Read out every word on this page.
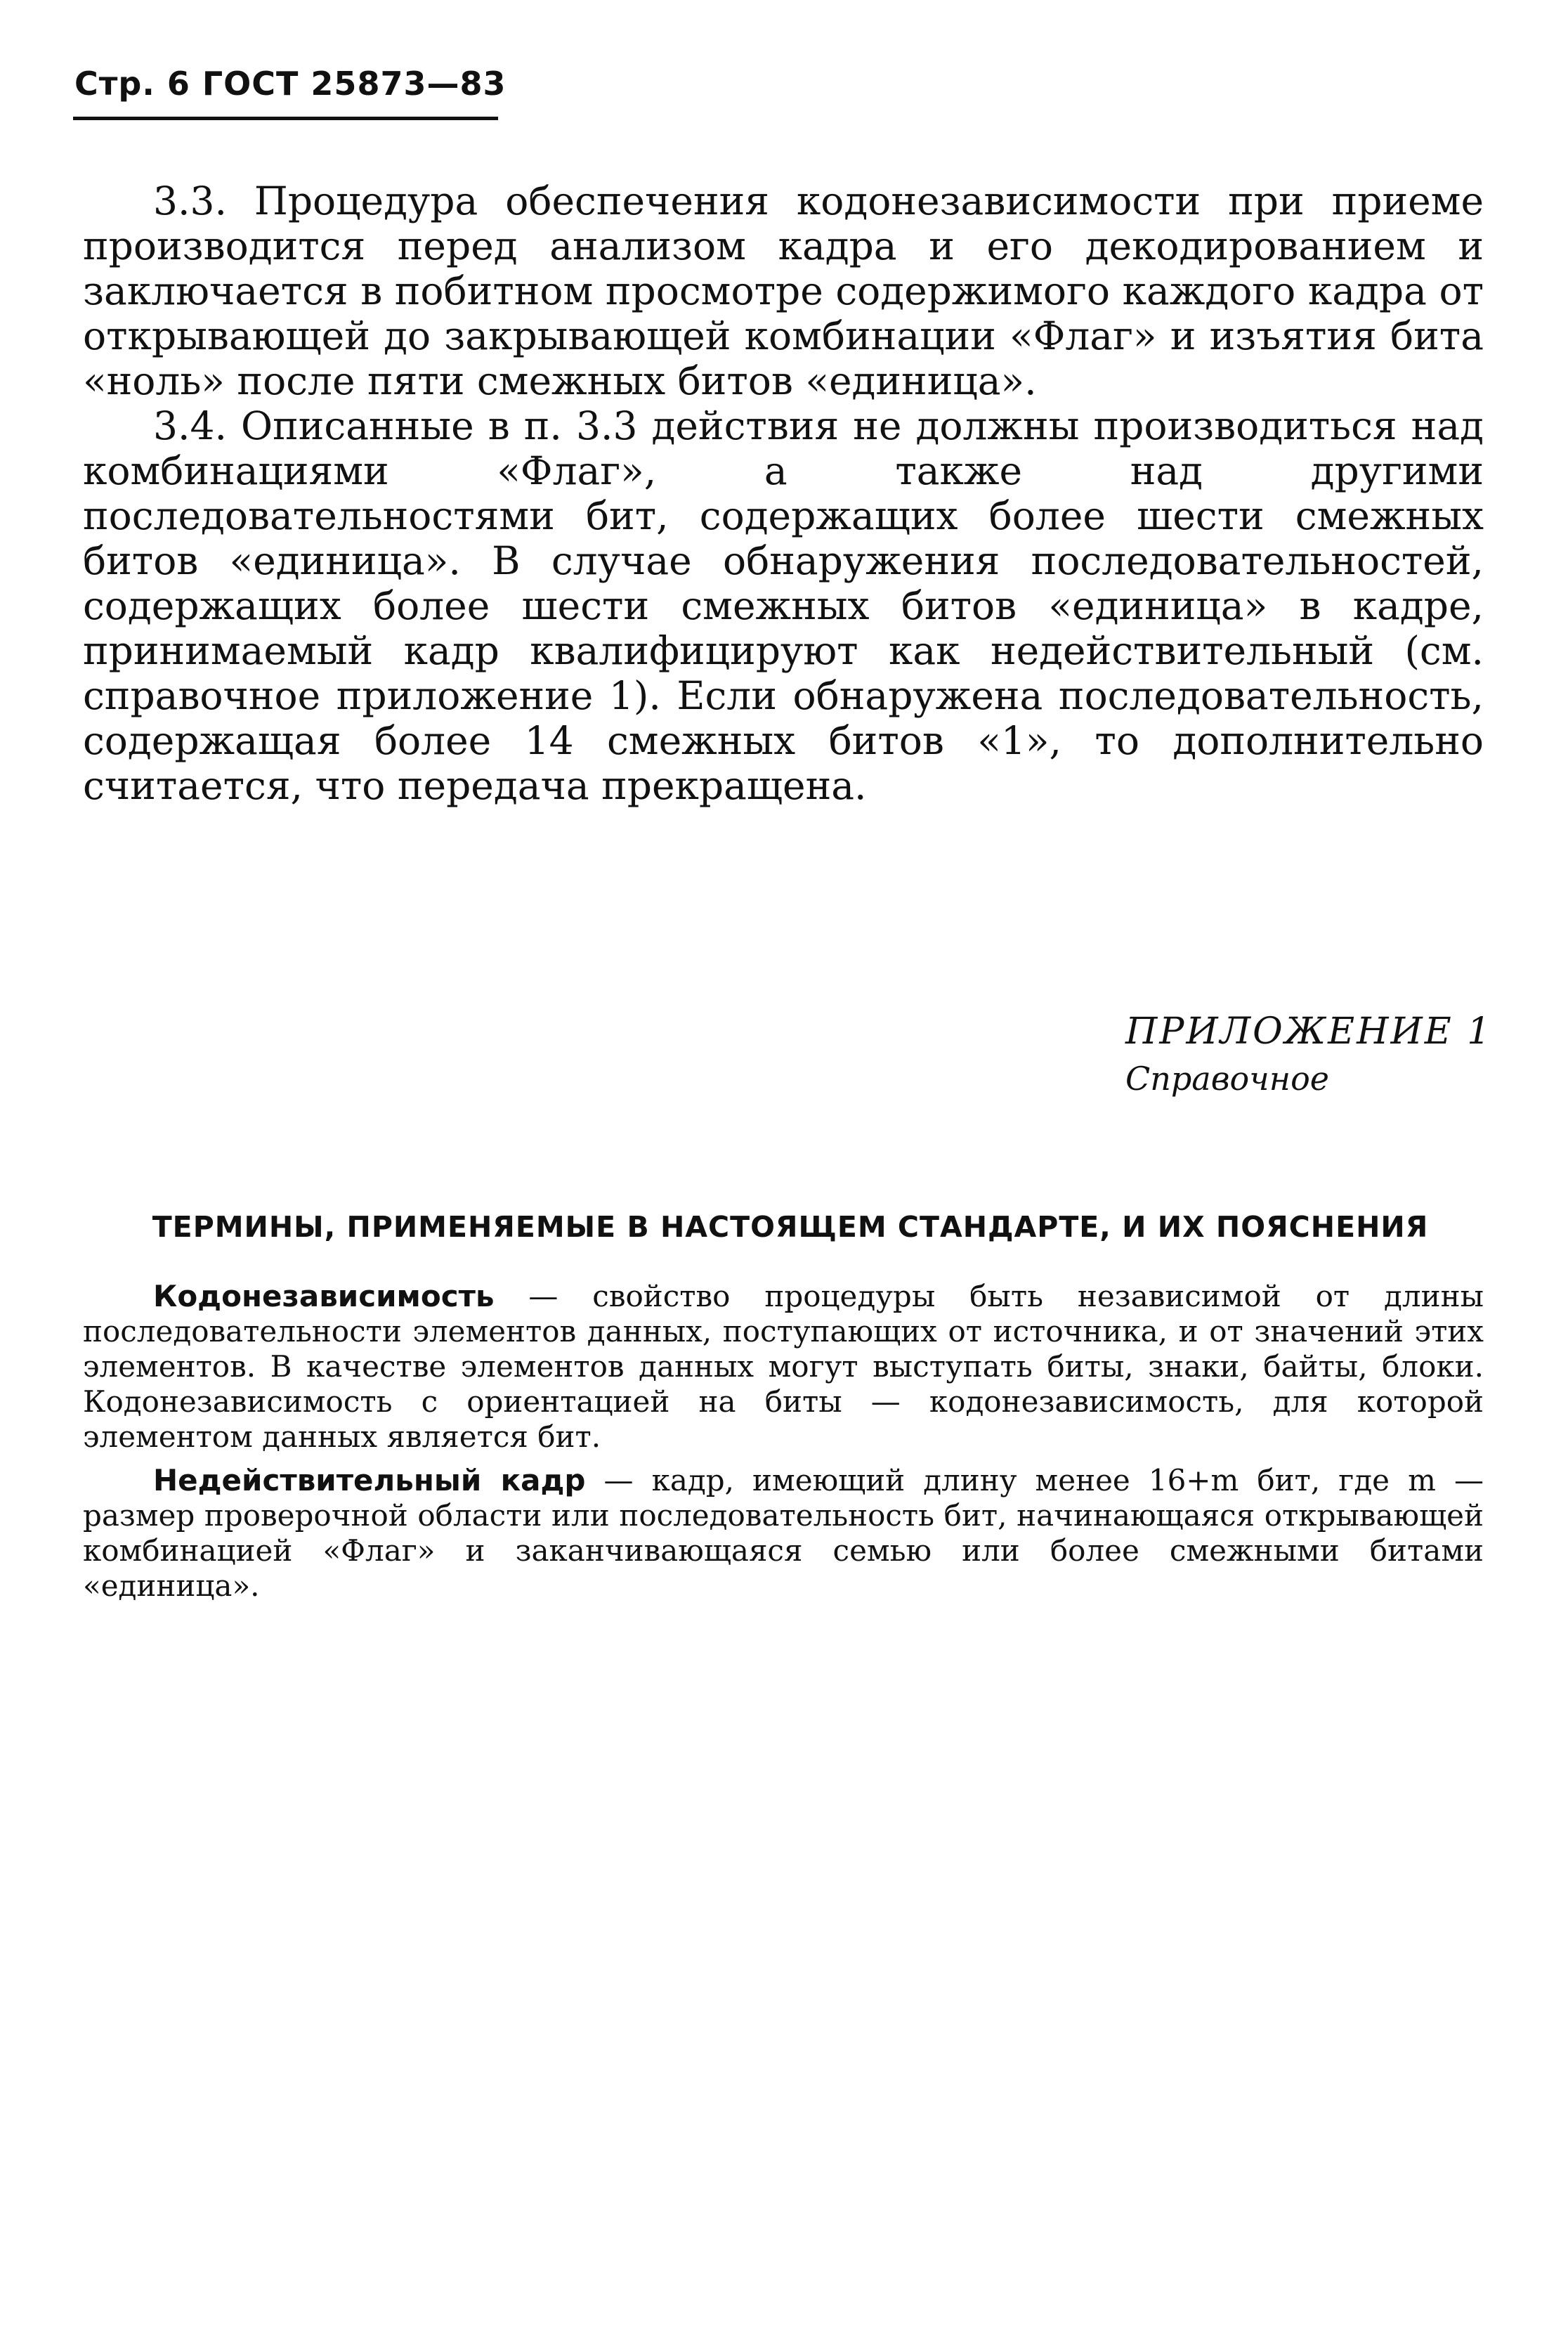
Стр. 6 ГОСТ 25873—83

3.3. Процедура обеспечения кодонезависимости при приеме производится перед анализом кадра и его декодированием и заключается в побитном просмотре содержимого каждого кадра от открывающей до закрывающей комбинации «Флаг» и изъятия бита «ноль» после пяти смежных битов «единица».

3.4. Описанные в п. 3.3 действия не должны производиться над комбинациями «Флаг», а также над другими последовательностями бит, содержащих более шести смежных битов «единица». В случае обнаружения последовательностей, содержащих более шести смежных битов «единица» в кадре, принимаемый кадр квалифицируют как недействительный (см. справочное приложение 1). Если обнаружена последовательность, содержащая более 14 смежных битов «1», то дополнительно считается, что передача прекращена.

ПРИЛОЖЕНИЕ 1
Справочное
ТЕРМИНЫ, ПРИМЕНЯЕМЫЕ В НАСТОЯЩЕМ СТАНДАРТЕ, И ИХ ПОЯСНЕНИЯ

Кодонезависимость — свойство процедуры быть независимой от длины последовательности элементов данных, поступающих от источника, и от значений этих элементов. В качестве элементов данных могут выступать биты, знаки, байты, блоки. Кодонезависимость с ориентацией на биты — кодонезависимость, для которой элементом данных является бит.

Недействительный кадр — кадр, имеющий длину менее 16+m бит, где m — размер проверочной области или последовательность бит, начинающаяся открывающей комбинацией «Флаг» и заканчивающаяся семью или более смежными битами «единица».
